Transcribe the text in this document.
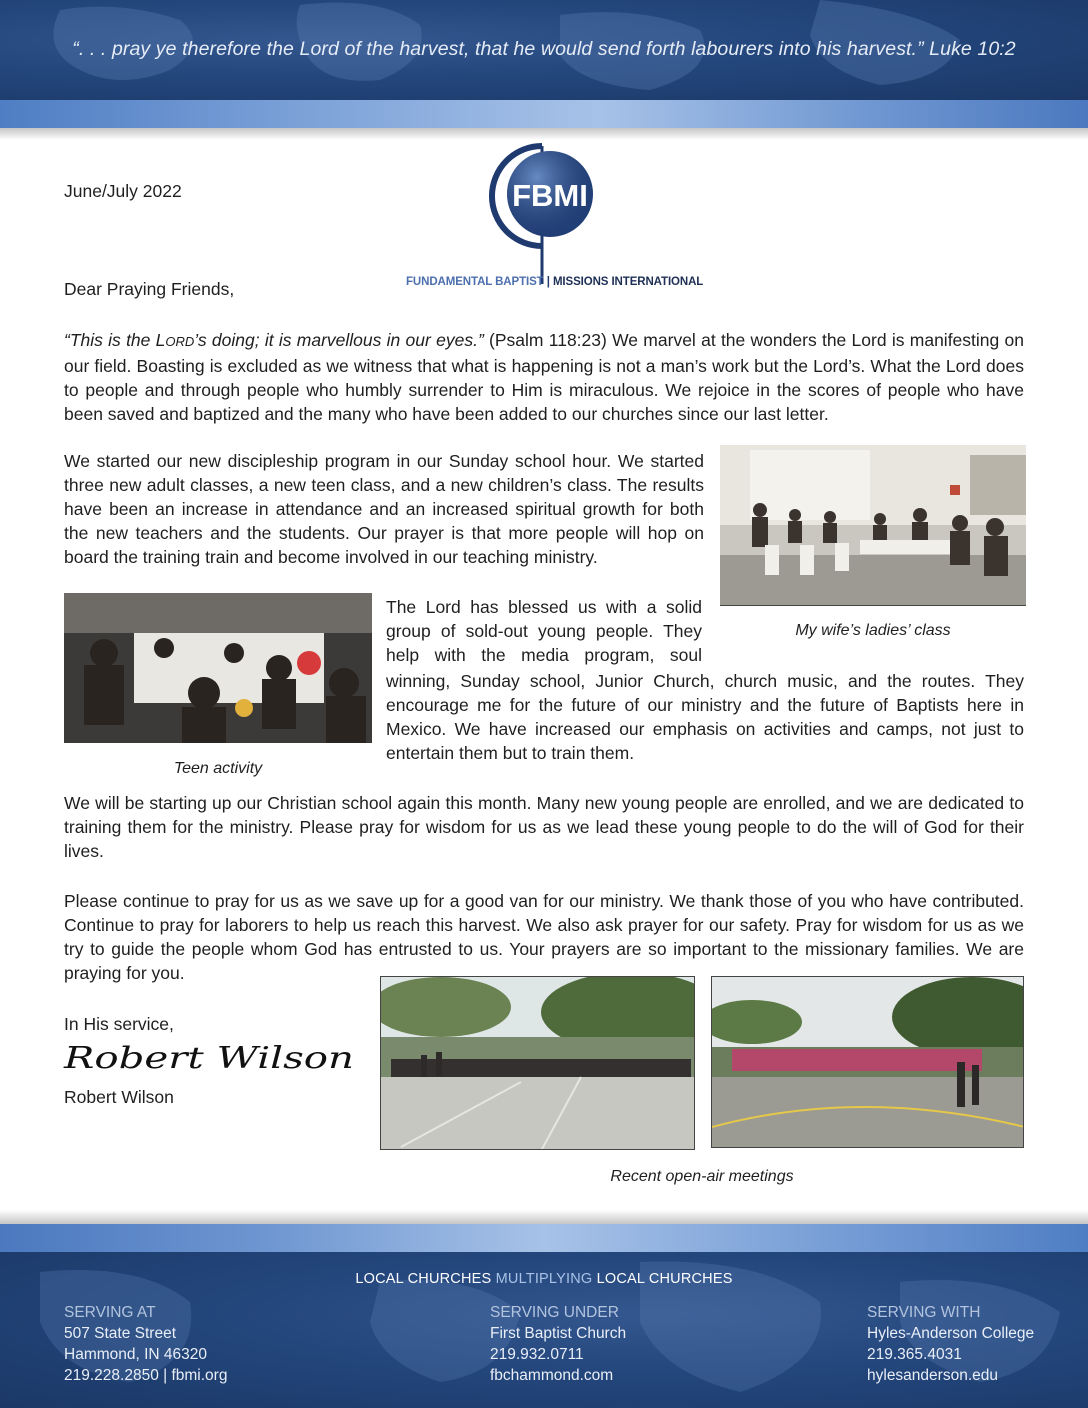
“. . . pray ye therefore the Lord of the harvest, that he would send forth labourers into his harvest.” Luke 10:2
FBMI
FUNDAMENTAL BAPTIST | MISSIONS INTERNATIONAL
June/July 2022
Dear Praying Friends,
“This is the LORD’s doing; it is marvellous in our eyes.” (Psalm 118:23) We marvel at the wonders the Lord is manifesting on our field. Boasting is excluded as we witness that what is happening is not a man’s work but the Lord’s. What the Lord does to people and through people who humbly surrender to Him is miraculous. We rejoice in the scores of people who have been saved and baptized and the many who have been added to our churches since our last letter.
We started our new discipleship program in our Sunday school hour. We started three new adult classes, a new teen class, and a new children’s class. The results have been an increase in attendance and an increased spiritual growth for both the new teachers and the students. Our prayer is that more people will hop on board the training train and become involved in our teaching ministry.
My wife’s ladies’ class
Teen activity
The Lord has blessed us with a solid group of sold-out young people. They help with the media program, soul
winning, Sunday school, Junior Church, church music, and the routes. They encourage me for the future of our ministry and the future of Baptists here in Mexico. We have increased our emphasis on activities and camps, not just to entertain them but to train them.
We will be starting up our Christian school again this month. Many new young people are enrolled, and we are dedicated to training them for the ministry. Please pray for wisdom for us as we lead these young people to do the will of God for their lives.
Please continue to pray for us as we save up for a good van for our ministry. We thank those of you who have contributed. Continue to pray for laborers to help us reach this harvest. We also ask prayer for our safety. Pray for wisdom for us as we try to guide the people whom God has entrusted to us. Your prayers are so important to the missionary families. We are praying for you.
In His service,
Robert Wilson
Robert Wilson
Recent open-air meetings
LOCAL CHURCHES MULTIPLYING LOCAL CHURCHES
SERVING AT
507 State Street
Hammond, IN 46320
219.228.2850 | fbmi.org
SERVING UNDER
First Baptist Church
219.932.0711
fbchammond.com
SERVING WITH
Hyles-Anderson College
219.365.4031
hylesanderson.edu
